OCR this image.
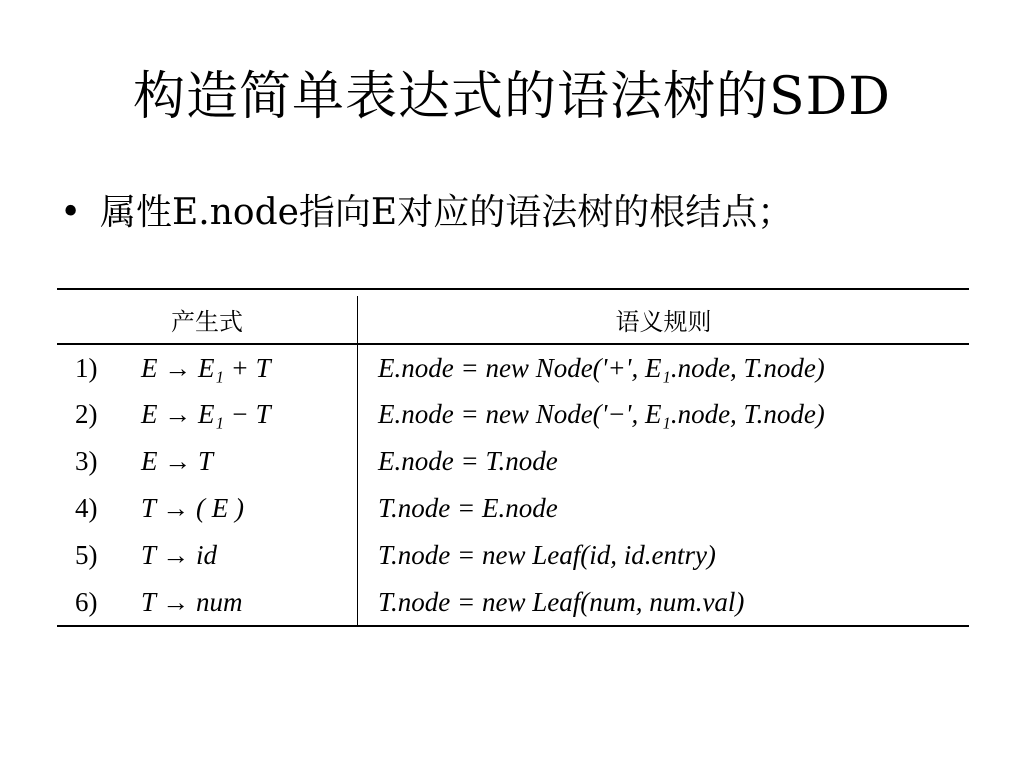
构造简单表达式的语法树的SDD
• 属性E.node指向E对应的语法树的根结点；
产生式	语义规则
1) E → E₁ + T	E.node = new Node('+', E₁.node, T.node)
2) E → E₁ − T	E.node = new Node('−', E₁.node, T.node)
3) E → T	E.node = T.node
4) T → ( E )	T.node = E.node
5) T → id	T.node = new Leaf(id, id.entry)
6) T → num	T.node = new Leaf(num, num.val)
